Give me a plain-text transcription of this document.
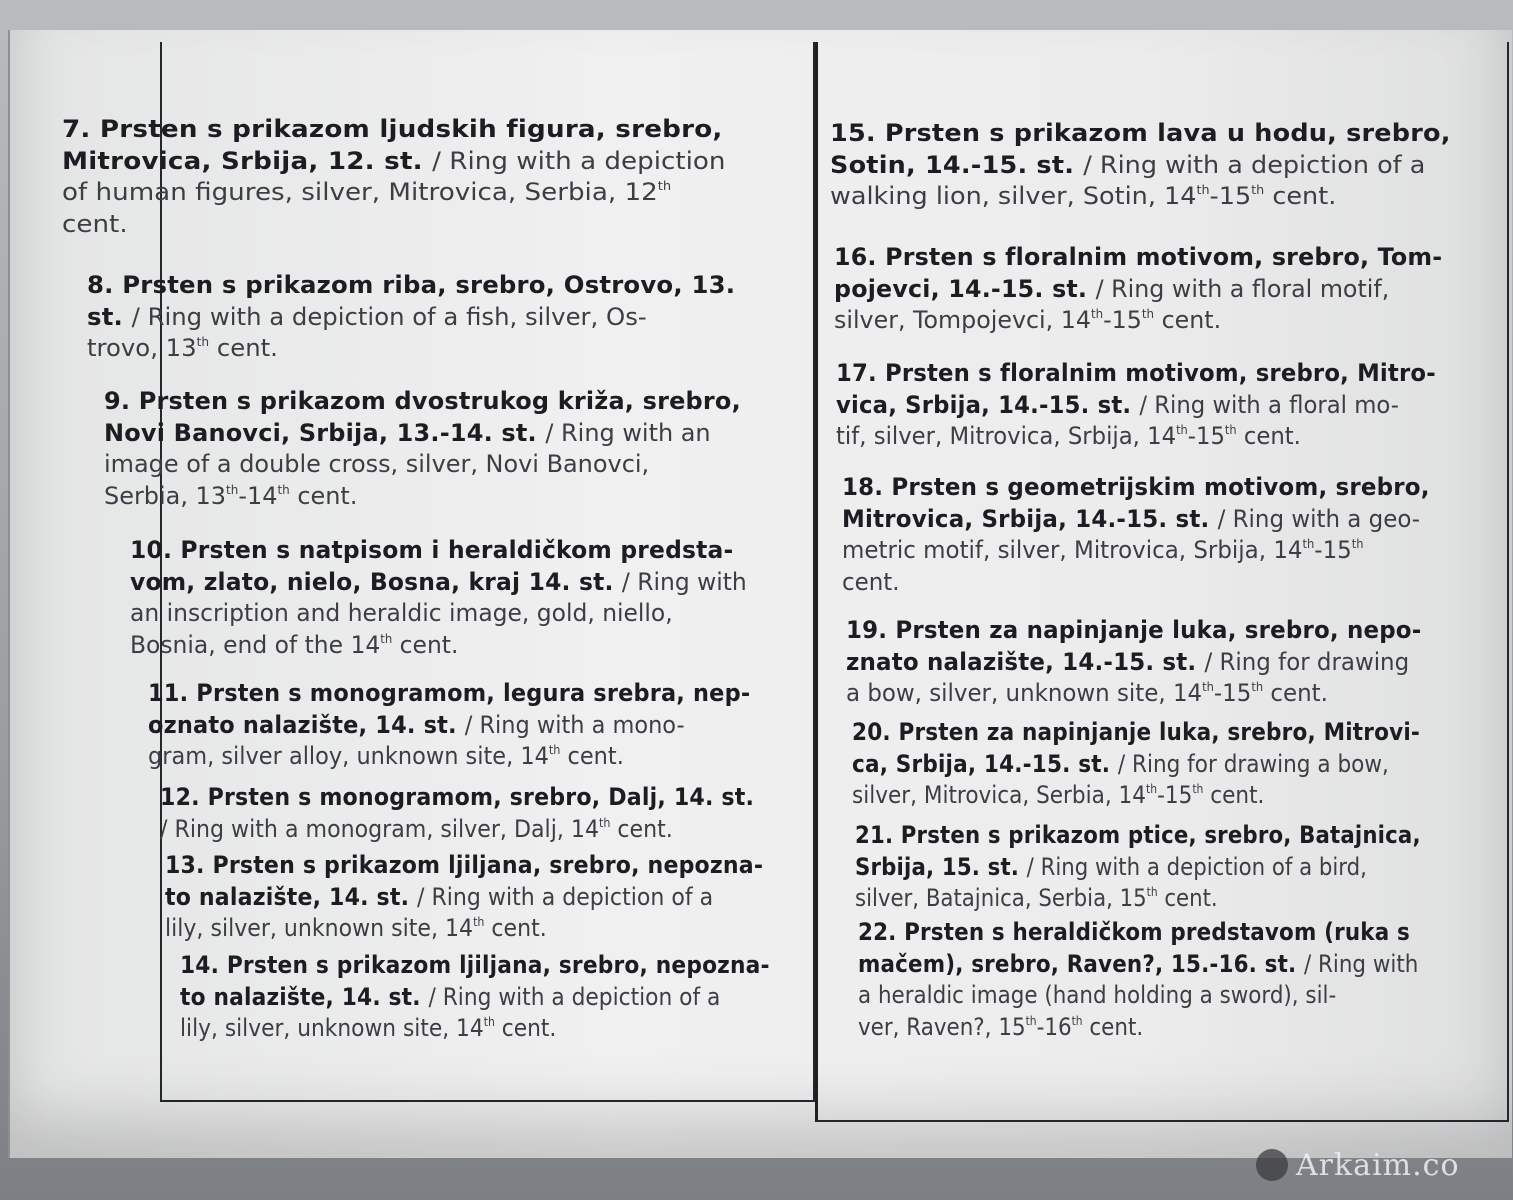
7. Prsten s prikazom ljudskih figura, srebro,
Mitrovica, Srbija, 12. st. / Ring with a depiction
of human figures, silver, Mitrovica, Serbia, 12th
cent.
8. Prsten s prikazom riba, srebro, Ostrovo, 13.
st. / Ring with a depiction of a fish, silver, Os-
trovo, 13th cent.
9. Prsten s prikazom dvostrukog križa, srebro,
Novi Banovci, Srbija, 13.-14. st. / Ring with an
image of a double cross, silver, Novi Banovci,
Serbia, 13th-14th cent.
10. Prsten s natpisom i heraldičkom predsta-
vom, zlato, nielo, Bosna, kraj 14. st. / Ring with
an inscription and heraldic image, gold, niello,
Bosnia, end of the 14th cent.
11. Prsten s monogramom, legura srebra, nep-
oznato nalazište, 14. st. / Ring with a mono-
gram, silver alloy, unknown site, 14th cent.
12. Prsten s monogramom, srebro, Dalj, 14. st.
/ Ring with a monogram, silver, Dalj, 14th cent.
13. Prsten s prikazom ljiljana, srebro, nepozna-
to nalazište, 14. st. / Ring with a depiction of a
lily, silver, unknown site, 14th cent.
14. Prsten s prikazom ljiljana, srebro, nepozna-
to nalazište, 14. st. / Ring with a depiction of a
lily, silver, unknown site, 14th cent.
15. Prsten s prikazom lava u hodu, srebro,
Sotin, 14.-15. st. / Ring with a depiction of a
walking lion, silver, Sotin, 14th-15th cent.
16. Prsten s floralnim motivom, srebro, Tom-
pojevci, 14.-15. st. / Ring with a floral motif,
silver, Tompojevci, 14th-15th cent.
17. Prsten s floralnim motivom, srebro, Mitro-
vica, Srbija, 14.-15. st. / Ring with a floral mo-
tif, silver, Mitrovica, Srbija, 14th-15th cent.
18. Prsten s geometrijskim motivom, srebro,
Mitrovica, Srbija, 14.-15. st. / Ring with a geo-
metric motif, silver, Mitrovica, Srbija, 14th-15th
cent.
19. Prsten za napinjanje luka, srebro, nepo-
znato nalazište, 14.-15. st. / Ring for drawing
a bow, silver, unknown site, 14th-15th cent.
20. Prsten za napinjanje luka, srebro, Mitrovi-
ca, Srbija, 14.-15. st. / Ring for drawing a bow,
silver, Mitrovica, Serbia, 14th-15th cent.
21. Prsten s prikazom ptice, srebro, Batajnica,
Srbija, 15. st. / Ring with a depiction of a bird,
silver, Batajnica, Serbia, 15th cent.
22. Prsten s heraldičkom predstavom (ruka s
mačem), srebro, Raven?, 15.-16. st. / Ring with
a heraldic image (hand holding a sword), sil-
ver, Raven?, 15th-16th cent.
Arkaim.co
